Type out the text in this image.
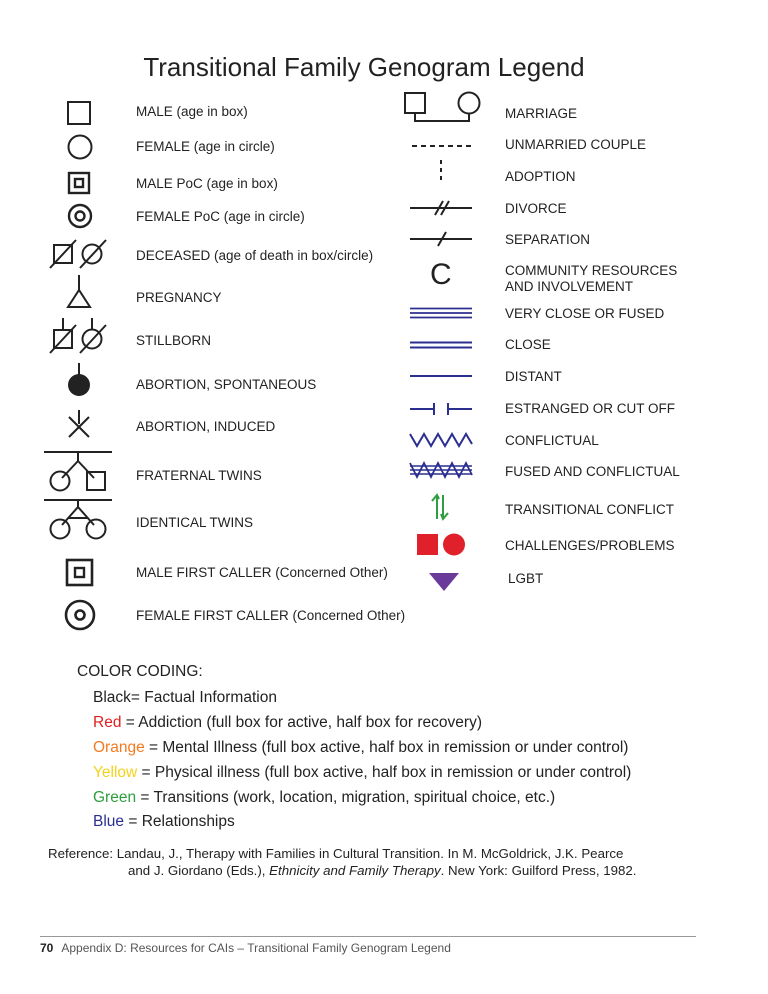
Transitional Family Genogram Legend
MALE (age in box)
FEMALE (age in circle)
MALE PoC (age in box)
FEMALE PoC (age in circle)
DECEASED (age of death in box/circle)
PREGNANCY
STILLBORN
ABORTION, SPONTANEOUS
ABORTION, INDUCED
FRATERNAL TWINS
IDENTICAL TWINS
MALE FIRST CALLER (Concerned Other)
FEMALE FIRST CALLER (Concerned Other)
MARRIAGE
UNMARRIED COUPLE
ADOPTION
DIVORCE
SEPARATION
C	COMMUNITY RESOURCES AND INVOLVEMENT
VERY CLOSE OR FUSED
CLOSE
DISTANT
ESTRANGED OR CUT OFF
CONFLICTUAL
FUSED AND CONFLICTUAL
TRANSITIONAL CONFLICT
CHALLENGES/PROBLEMS
LGBT
COLOR CODING:
Black= Factual Information
Red = Addiction (full box for active, half box for recovery)
Orange = Mental Illness (full box active, half box in remission or under control)
Yellow = Physical illness (full box active, half box in remission or under control)
Green = Transitions (work, location, migration, spiritual choice, etc.)
Blue = Relationships
Reference: Landau, J., Therapy with Families in Cultural Transition. In M. McGoldrick, J.K. Pearce
and J. Giordano (Eds.), Ethnicity and Family Therapy. New York: Guilford Press, 1982.
70 Appendix D: Resources for CAIs – Transitional Family Genogram Legend
